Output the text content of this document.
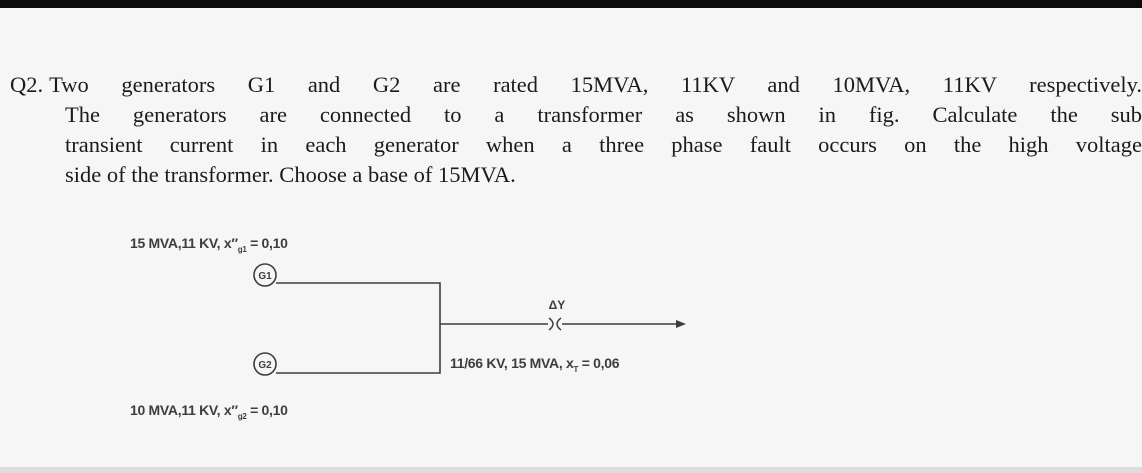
Q2. Two generators G1 and G2 are rated 15MVA, 11KV and 10MVA, 11KV respectively.
The generators are connected to a transformer as shown in fig. Calculate the sub
transient current in each generator when a three phase fault occurs on the high voltage
side of the transformer. Choose a base of 15MVA.
15 MVA,11 KV, $x''_{g1} = 0,10$
11/66 KV, 15 MVA, $x_T = 0,06$
10 MVA,11 KV, $x''_{g2} = 0,10$
G1
G2
ΔY
